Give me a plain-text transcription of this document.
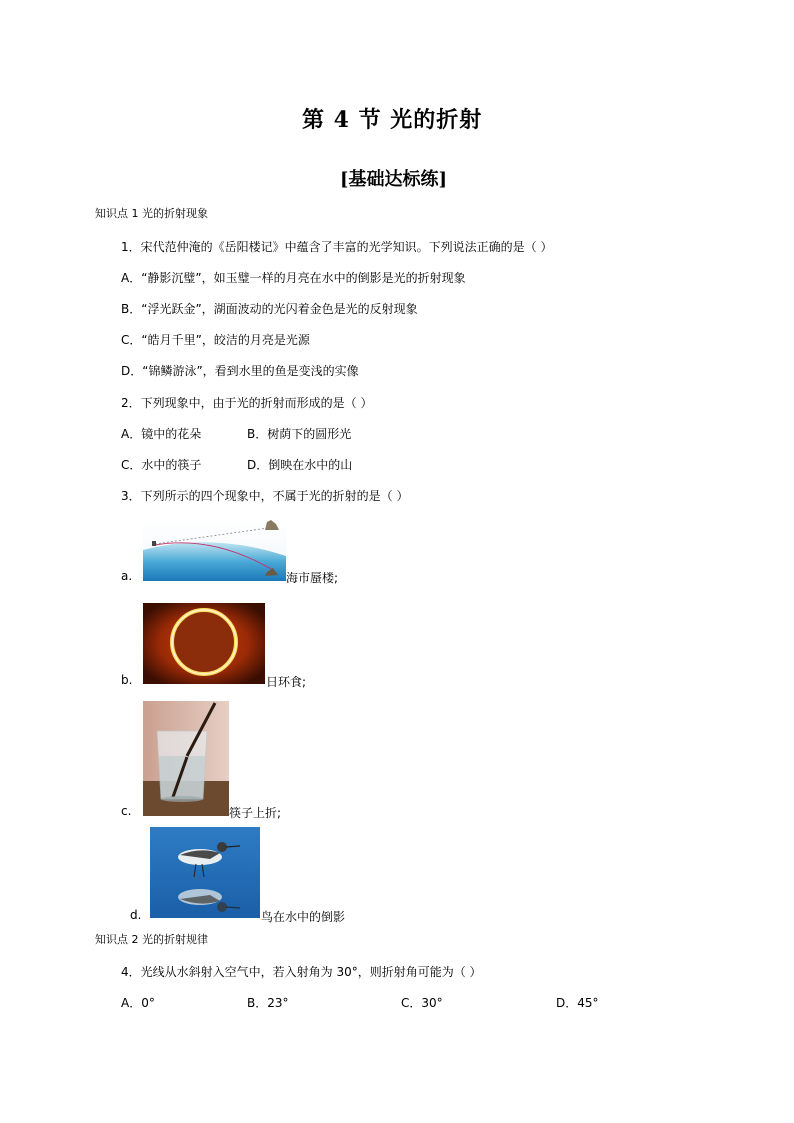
第 4 节 光的折射
[基础达标练]
知识点 1 光的折射现象
1．宋代范仲淹的《岳阳楼记》中蕴含了丰富的光学知识。下列说法正确的是（ ）
A．“静影沉璧”，如玉璧一样的月亮在水中的倒影是光的折射现象
B．“浮光跃金”，湖面波动的光闪着金色是光的反射现象
C．“皓月千里”，皎洁的月亮是光源
D．“锦鳞游泳”，看到水里的鱼是变浅的实像
2．下列现象中，由于光的折射而形成的是（ ）
A．镜中的花朵	B．树荫下的圆形光
C．水中的筷子	D．倒映在水中的山
3．下列所示的四个现象中，不属于光的折射的是（ ）
a.	海市蜃楼;
b.	日环食;
c.	筷子上折;
d.	鸟在水中的倒影
知识点 2 光的折射规律
4．光线从水斜射入空气中，若入射角为 30°，则折射角可能为（ ）
A．0°	B．23°	C．30°	D．45°
